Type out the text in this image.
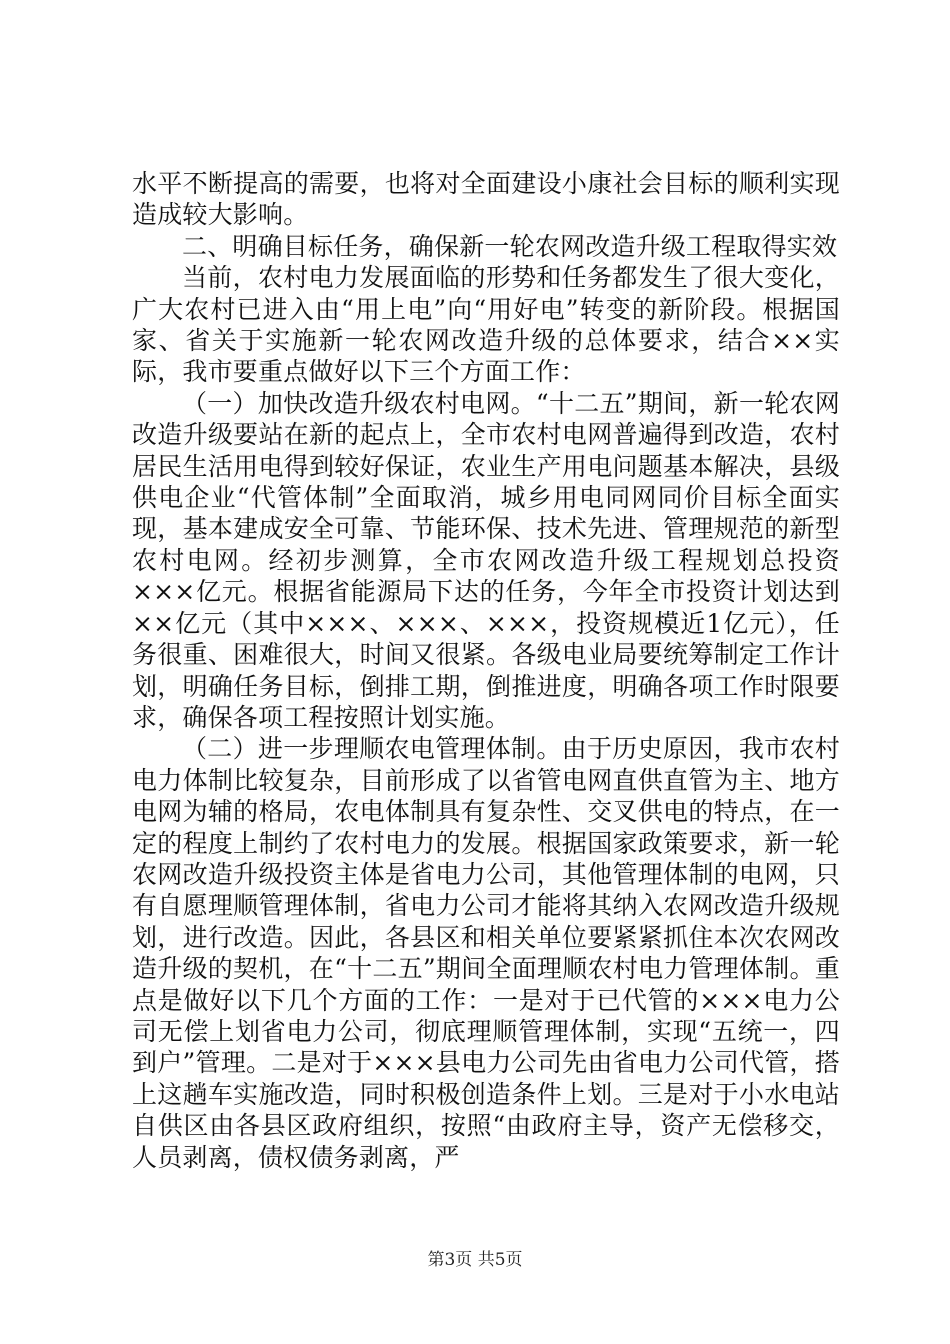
水平不断提高的需要，也将对全面建设小康社会目标的顺利实现造成较大影响。

二、明确目标任务，确保新一轮农网改造升级工程取得实效

当前，农村电力发展面临的形势和任务都发生了很大变化，广大农村已进入由“用上电”向“用好电”转变的新阶段。根据国家、省关于实施新一轮农网改造升级的总体要求，结合××实际，我市要重点做好以下三个方面工作：

（一）加快改造升级农村电网。“十二五”期间，新一轮农网改造升级要站在新的起点上，全市农村电网普遍得到改造，农村居民生活用电得到较好保证，农业生产用电问题基本解决，县级供电企业“代管体制”全面取消，城乡用电同网同价目标全面实现，基本建成安全可靠、节能环保、技术先进、管理规范的新型农村电网。经初步测算，全市农网改造升级工程规划总投资×××亿元。根据省能源局下达的任务，今年全市投资计划达到××亿元（其中×××、×××、×××，投资规模近1亿元），任务很重、困难很大，时间又很紧。各级电业局要统筹制定工作计划，明确任务目标，倒排工期，倒推进度，明确各项工作时限要求，确保各项工程按照计划实施。

（二）进一步理顺农电管理体制。由于历史原因，我市农村电力体制比较复杂，目前形成了以省管电网直供直管为主、地方电网为辅的格局，农电体制具有复杂性、交叉供电的特点，在一定的程度上制约了农村电力的发展。根据国家政策要求，新一轮农网改造升级投资主体是省电力公司，其他管理体制的电网，只有自愿理顺管理体制，省电力公司才能将其纳入农网改造升级规划，进行改造。因此，各县区和相关单位要紧紧抓住本次农网改造升级的契机，在“十二五”期间全面理顺农村电力管理体制。重点是做好以下几个方面的工作：一是对于已代管的×××电力公司无偿上划省电力公司，彻底理顺管理体制，实现“五统一，四到户”管理。二是对于×××县电力公司先由省电力公司代管，搭上这趟车实施改造，同时积极创造条件上划。三是对于小水电站自供区由各县区政府组织，按照“由政府主导，资产无偿移交，人员剥离，债权债务剥离，严

第3页 共5页
